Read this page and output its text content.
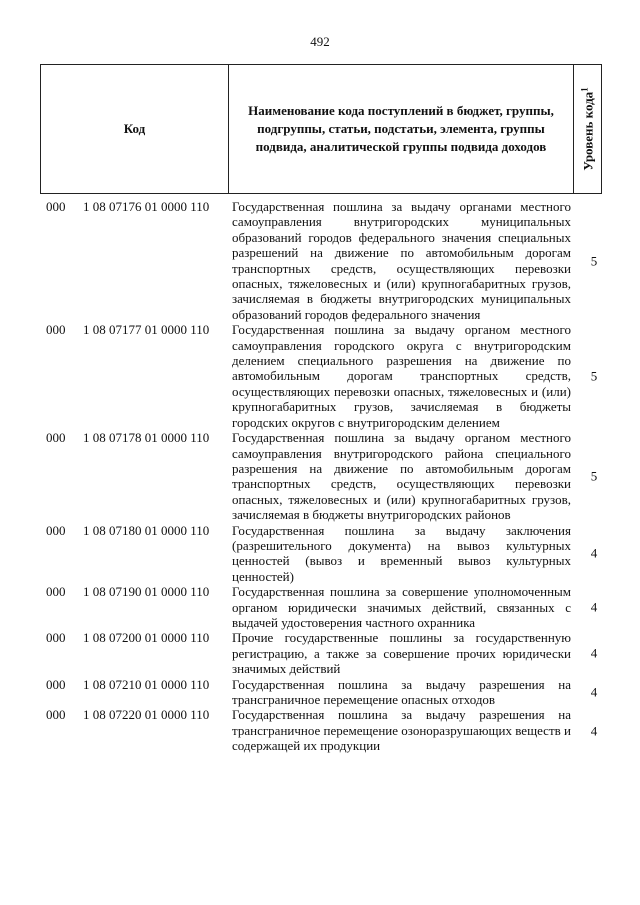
492
Код
Наименование кода поступлений в бюджет, группы, подгруппы, статьи, подстатьи, элемента, группы подвида, аналитической группы подвида доходов	Уровень кода$^1$
000 1 08 07176 01 0000 110 Государственная пошлина за выдачу органами местного самоуправления внутригородских муниципальных образований городов федерального значения специальных разрешений на движение по автомобильным дорогам транспортных средств, осуществляющих перевозки опасных, тяжеловесных и (или) крупногабаритных грузов, зачисляемая в бюджеты внутригородских муниципальных образований городов федерального значения
5
000 1 08 07177 01 0000 110 Государственная пошлина за выдачу органом местного самоуправления городского округа с внутригородским делением специального разрешения на движение по автомобильным дорогам транспортных средств, осуществляющих перевозки опасных, тяжеловесных и (или) крупногабаритных грузов, зачисляемая в бюджеты городских округов с внутригородским делением
5
000 1 08 07178 01 0000 110 Государственная пошлина за выдачу органом местного самоуправления внутригородского района специального разрешения на движение по автомобильным дорогам транспортных средств, осуществляющих перевозки опасных, тяжеловесных и (или) крупногабаритных грузов, зачисляемая в бюджеты внутригородских районов
5
000 1 08 07180 01 0000 110 Государственная пошлина за выдачу заключения (разрешительного документа) на вывоз культурных ценностей (вывоз и временный вывоз культурных ценностей)
4
000 1 08 07190 01 0000 110 Государственная пошлина за совершение уполномоченным органом юридически значимых действий, связанных с выдачей удостоверения частного охранника
4
000 1 08 07200 01 0000 110 Прочие государственные пошлины за государственную регистрацию, а также за совершение прочих юридически значимых действий
4
000 1 08 07210 01 0000 110 Государственная пошлина за выдачу разрешения на трансграничное перемещение опасных отходов
4
000 1 08 07220 01 0000 110 Государственная пошлина за выдачу разрешения на трансграничное перемещение озоноразрушающих веществ и содержащей их продукции
4
